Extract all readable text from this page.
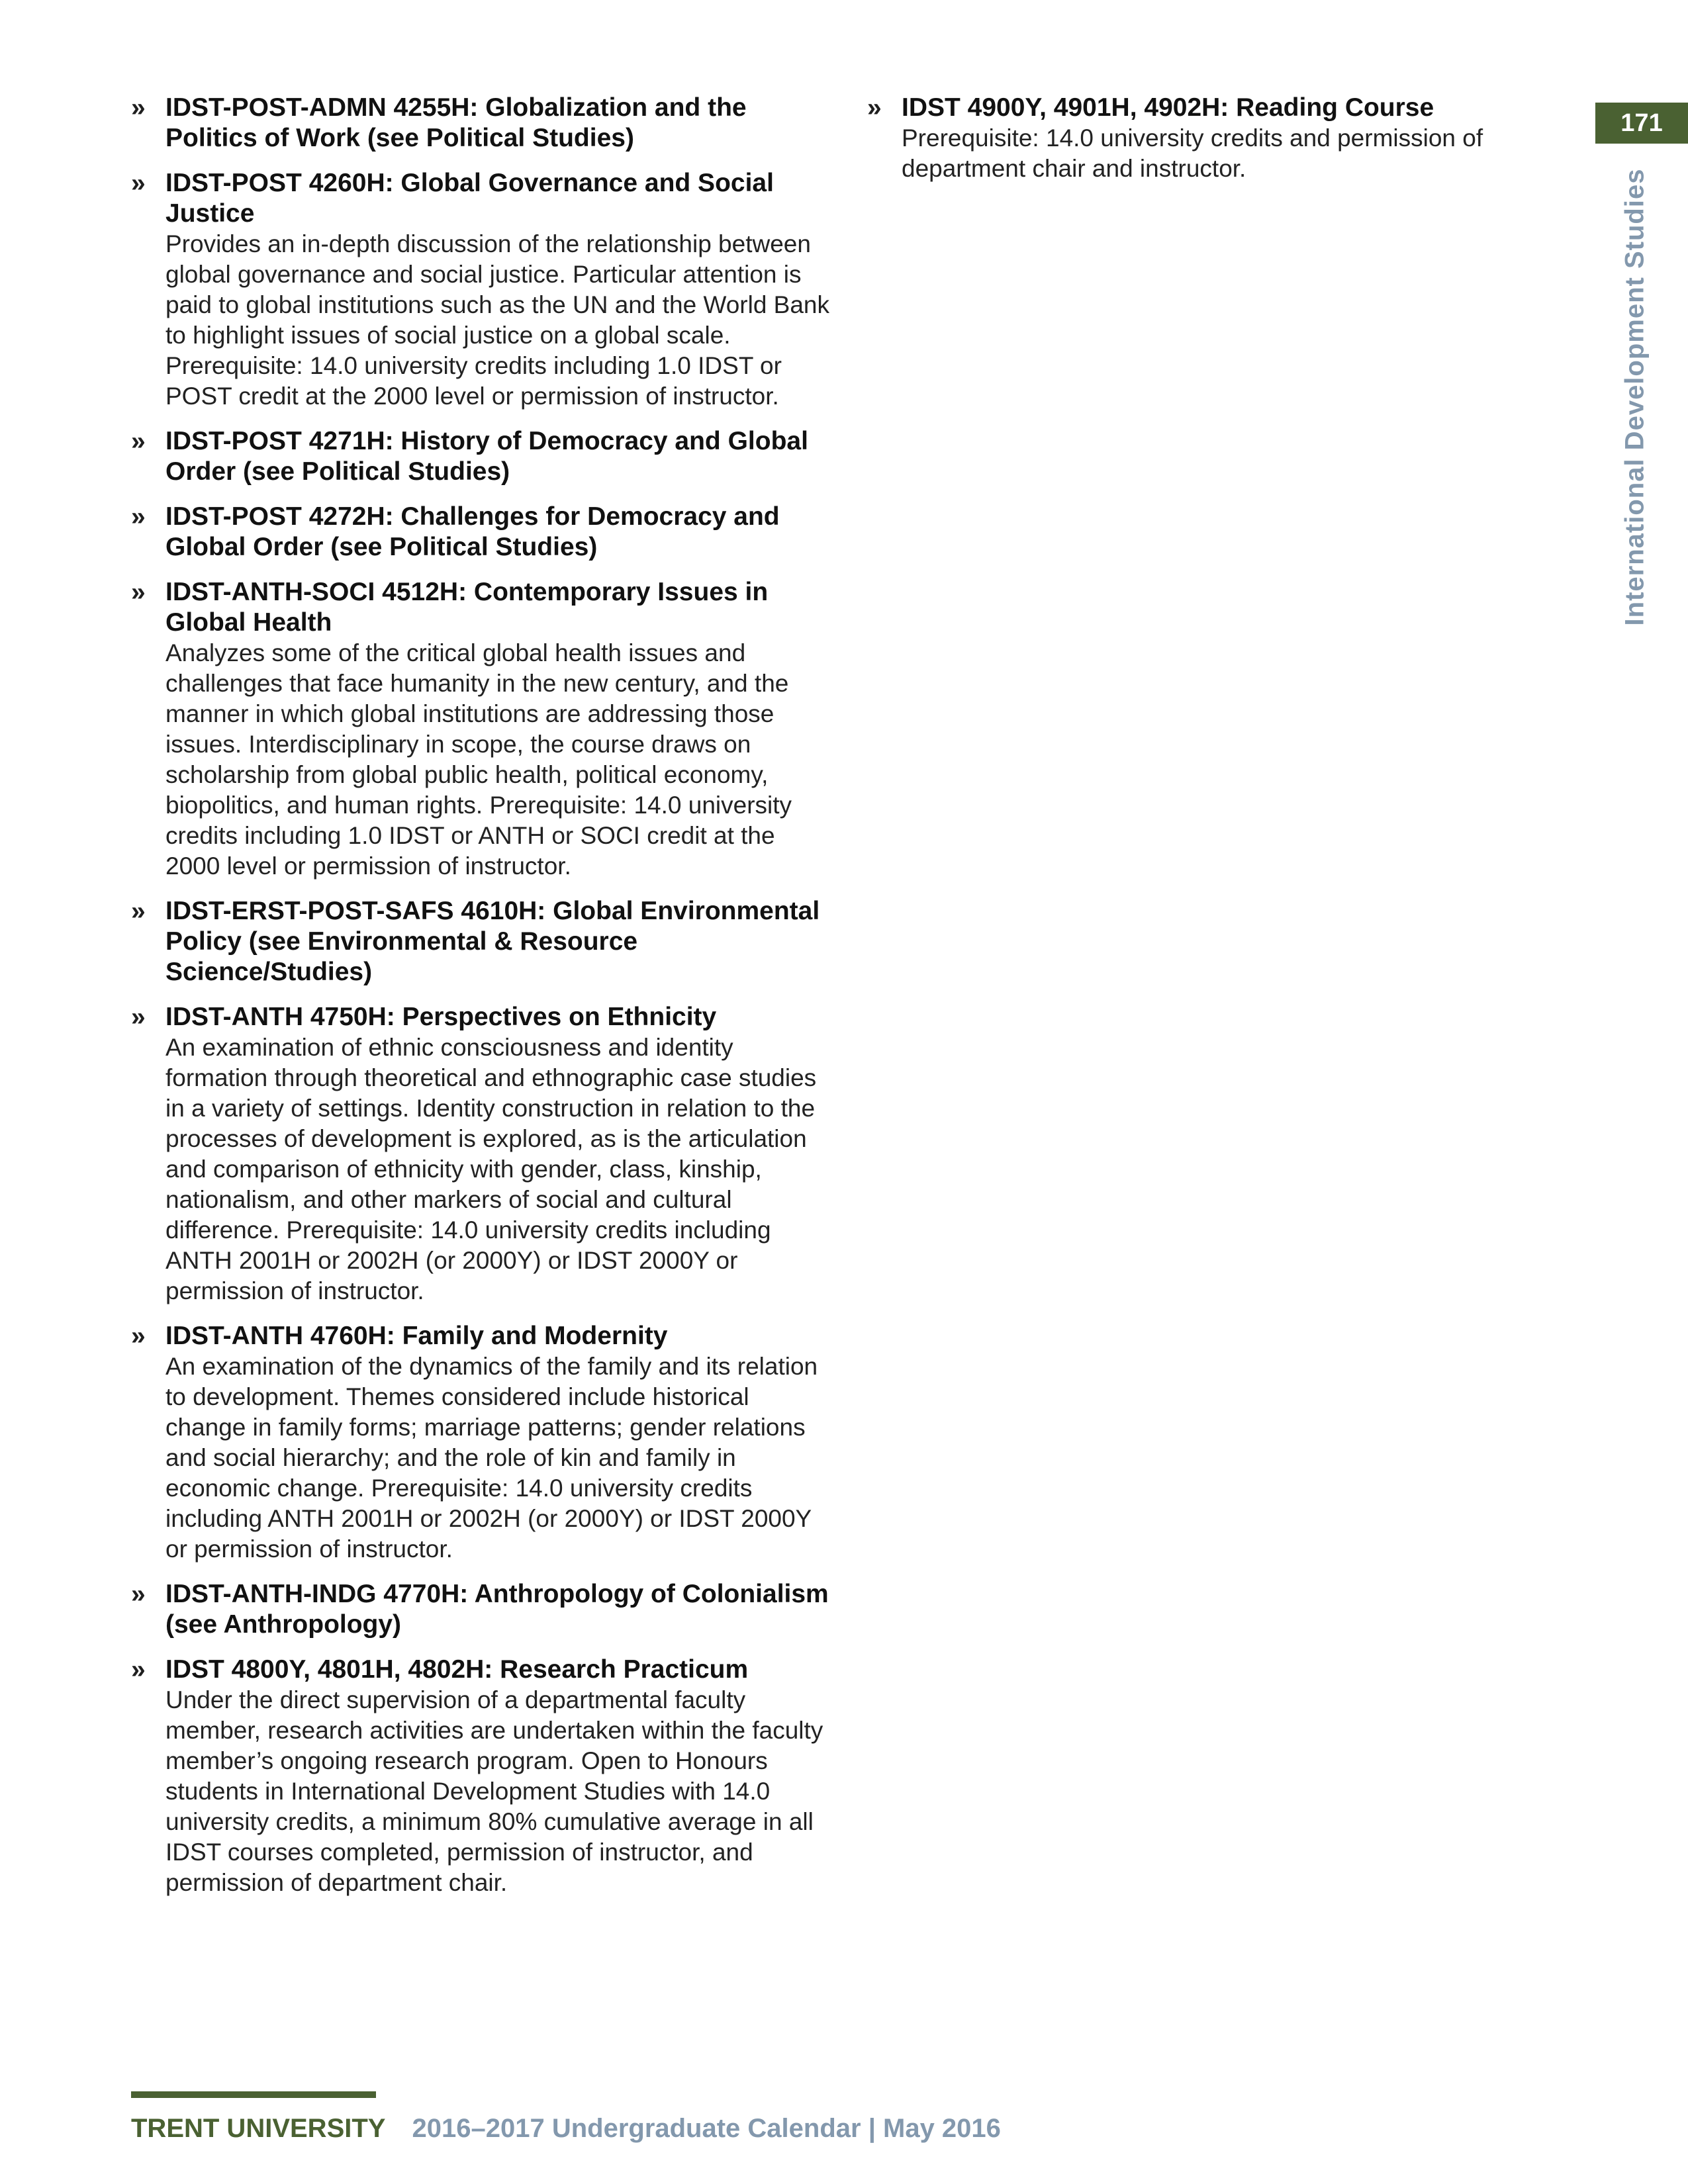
171
International Development Studies
» IDST-POST-ADMN 4255H: Globalization and the Politics of Work (see Political Studies)
» IDST-POST 4260H: Global Governance and Social Justice
Provides an in-depth discussion of the relationship between global governance and social justice. Particular attention is paid to global institutions such as the UN and the World Bank to highlight issues of social justice on a global scale. Prerequisite: 14.0 university credits including 1.0 IDST or POST credit at the 2000 level or permission of instructor.
» IDST-POST 4271H: History of Democracy and Global Order (see Political Studies)
» IDST-POST 4272H: Challenges for Democracy and Global Order (see Political Studies)
» IDST-ANTH-SOCI 4512H: Contemporary Issues in Global Health
Analyzes some of the critical global health issues and challenges that face humanity in the new century, and the manner in which global institutions are addressing those issues. Interdisciplinary in scope, the course draws on scholarship from global public health, political economy, biopolitics, and human rights. Prerequisite: 14.0 university credits including 1.0 IDST or ANTH or SOCI credit at the 2000 level or permission of instructor.
» IDST-ERST-POST-SAFS 4610H: Global Environmental Policy (see Environmental & Resource Science/Studies)
» IDST-ANTH 4750H: Perspectives on Ethnicity
An examination of ethnic consciousness and identity formation through theoretical and ethnographic case studies in a variety of settings. Identity construction in relation to the processes of development is explored, as is the articulation and comparison of ethnicity with gender, class, kinship, nationalism, and other markers of social and cultural difference. Prerequisite: 14.0 university credits including ANTH 2001H or 2002H (or 2000Y) or IDST 2000Y or permission of instructor.
» IDST-ANTH 4760H: Family and Modernity
An examination of the dynamics of the family and its relation to development. Themes considered include historical change in family forms; marriage patterns; gender relations and social hierarchy; and the role of kin and family in economic change. Prerequisite: 14.0 university credits including ANTH 2001H or 2002H (or 2000Y) or IDST 2000Y or permission of instructor.
» IDST-ANTH-INDG 4770H: Anthropology of Colonialism (see Anthropology)
» IDST 4800Y, 4801H, 4802H: Research Practicum
Under the direct supervision of a departmental faculty member, research activities are undertaken within the faculty member’s ongoing research program. Open to Honours students in International Development Studies with 14.0 university credits, a minimum 80% cumulative average in all IDST courses completed, permission of instructor, and permission of department chair.
» IDST 4900Y, 4901H, 4902H: Reading Course
Prerequisite: 14.0 university credits and permission of department chair and instructor.
TRENT UNIVERSITY 2016–2017 Undergraduate Calendar | May 2016
